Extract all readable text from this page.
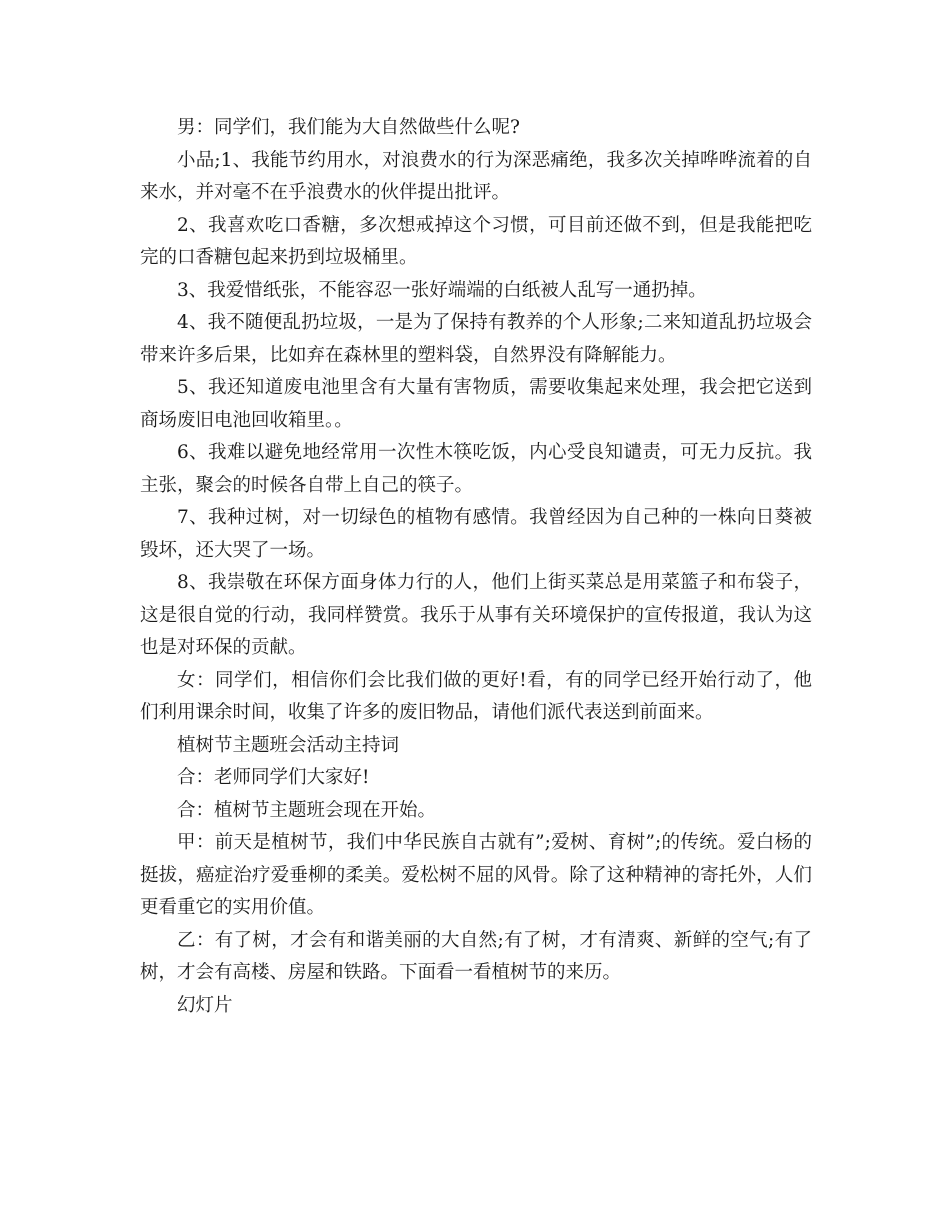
男：同学们，我们能为大自然做些什么呢?

小品;1、我能节约用水，对浪费水的行为深恶痛绝，我多次关掉哗哗流着的自来水，并对毫不在乎浪费水的伙伴提出批评。

2、我喜欢吃口香糖，多次想戒掉这个习惯，可目前还做不到，但是我能把吃完的口香糖包起来扔到垃圾桶里。

3、我爱惜纸张，不能容忍一张好端端的白纸被人乱写一通扔掉。

4、我不随便乱扔垃圾，一是为了保持有教养的个人形象;二来知道乱扔垃圾会带来许多后果，比如弃在森林里的塑料袋，自然界没有降解能力。

5、我还知道废电池里含有大量有害物质，需要收集起来处理，我会把它送到商场废旧电池回收箱里。。

6、我难以避免地经常用一次性木筷吃饭，内心受良知谴责，可无力反抗。我主张，聚会的时候各自带上自己的筷子。

7、我种过树，对一切绿色的植物有感情。我曾经因为自己种的一株向日葵被毁坏，还大哭了一场。

8、我崇敬在环保方面身体力行的人，他们上街买菜总是用菜篮子和布袋子，这是很自觉的行动，我同样赞赏。我乐于从事有关环境保护的宣传报道，我认为这也是对环保的贡献。

女：同学们，相信你们会比我们做的更好!看，有的同学已经开始行动了，他们利用课余时间，收集了许多的废旧物品，请他们派代表送到前面来。

植树节主题班会活动主持词

合：老师同学们大家好!

合：植树节主题班会现在开始。

甲：前天是植树节，我们中华民族自古就有”;爱树、育树”;的传统。爱白杨的挺拔，癌症治疗爱垂柳的柔美。爱松树不屈的风骨。除了这种精神的寄托外，人们更看重它的实用价值。

乙：有了树，才会有和谐美丽的大自然;有了树，才有清爽、新鲜的空气;有了树，才会有高楼、房屋和铁路。下面看一看植树节的来历。

幻灯片
